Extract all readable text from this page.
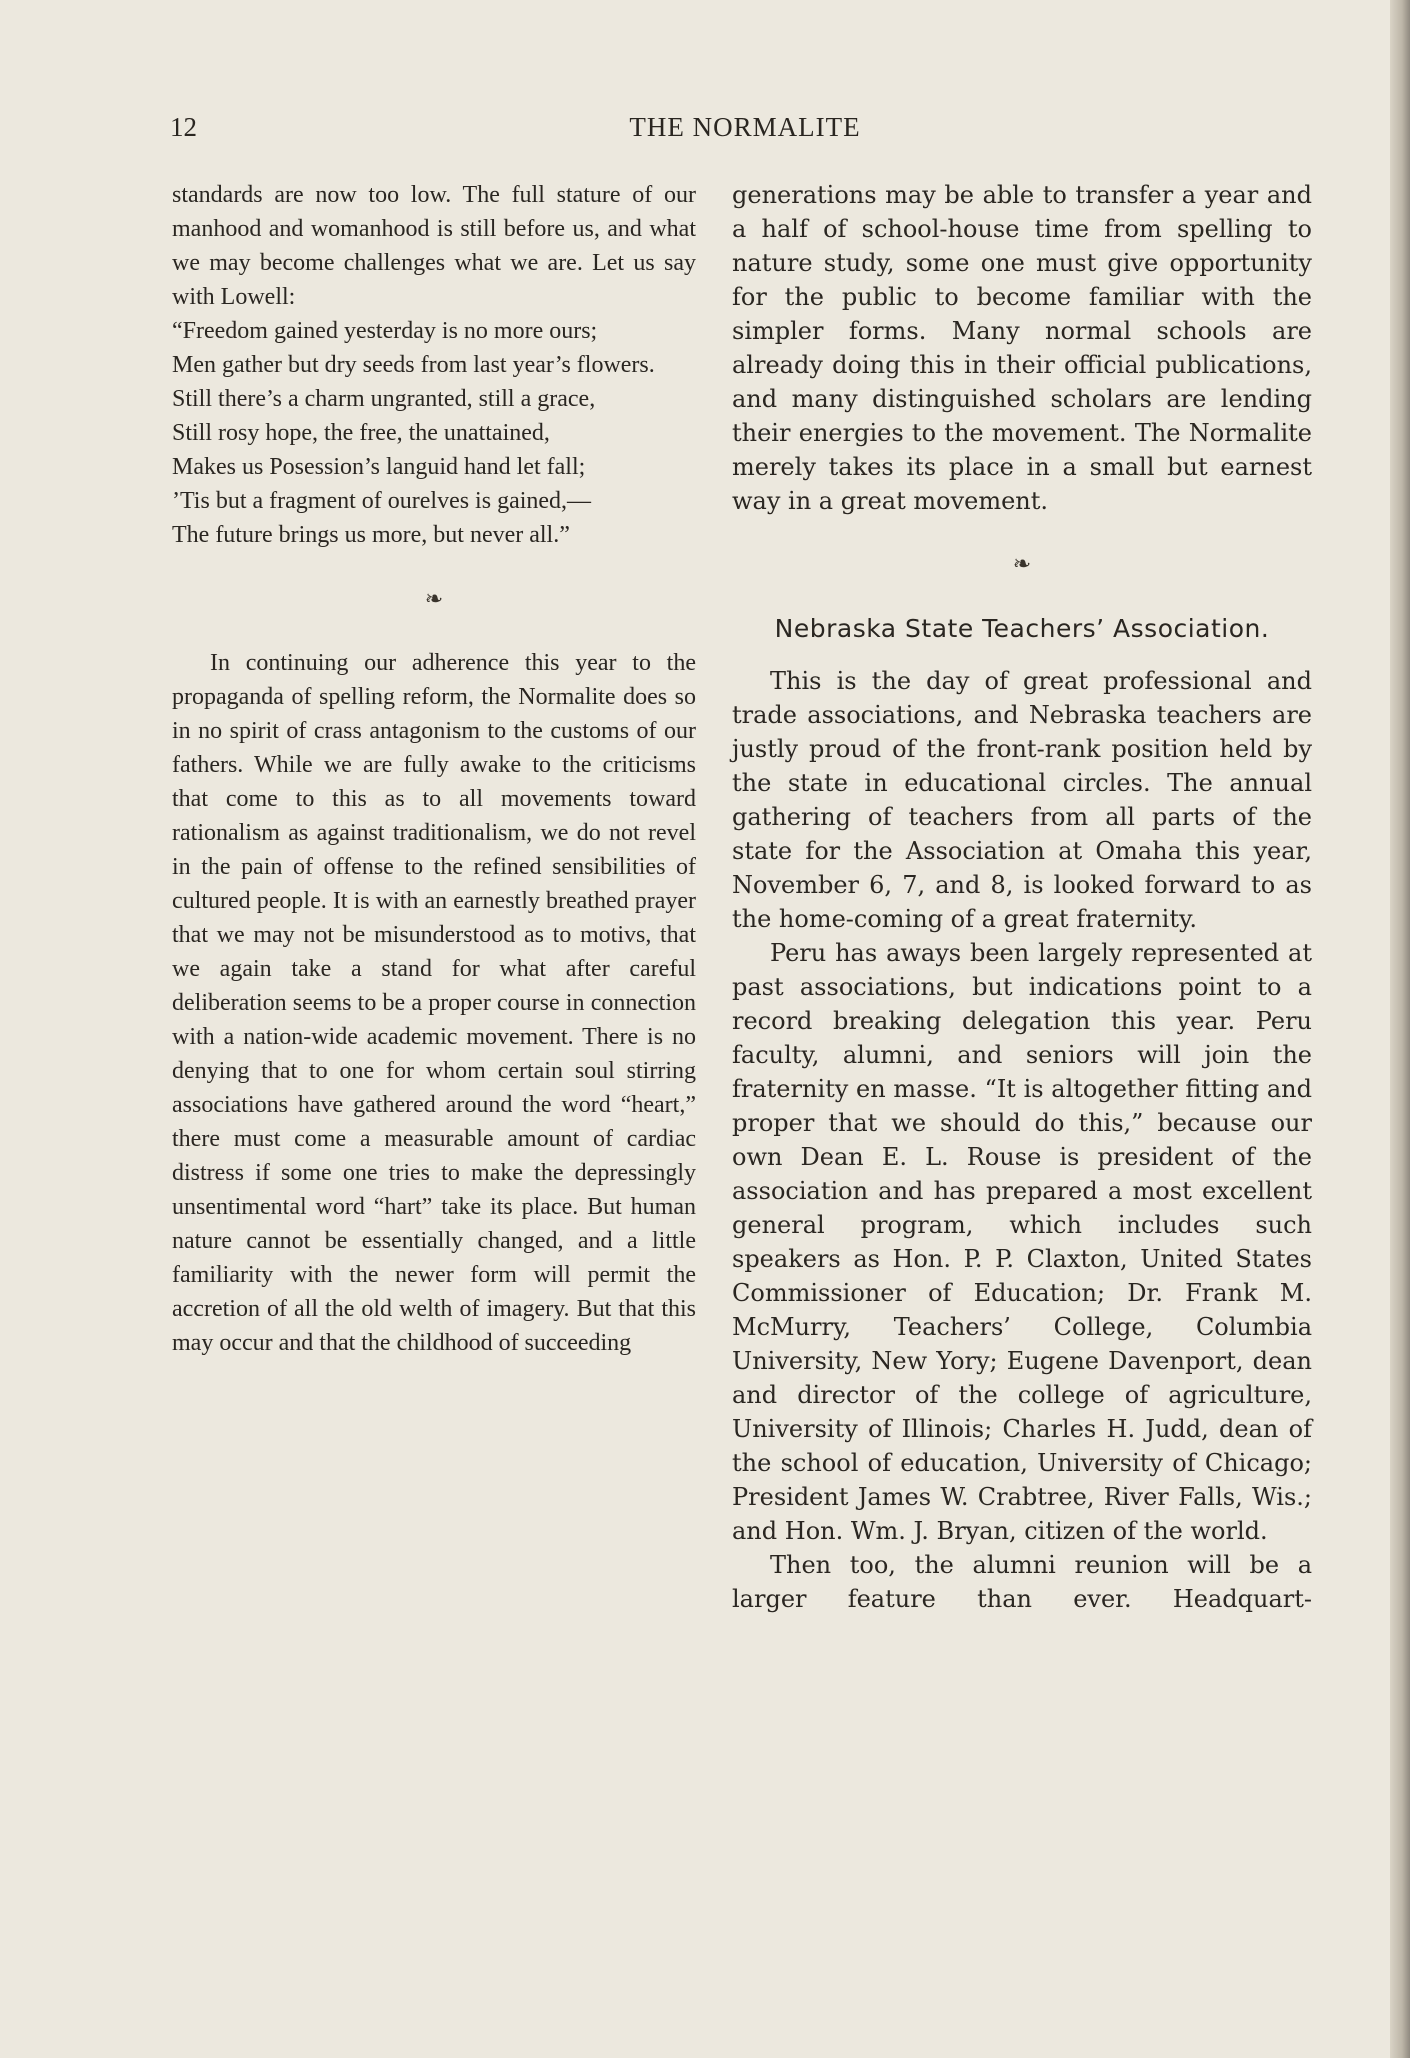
12	THE NORMALITE

standards are now too low. The full stature of our manhood and womanhood is still before us, and what we may become challenges what we are. Let us say with Lowell:

“Freedom gained yesterday is no more ours;

Men gather but dry seeds from last year’s flowers.

Still there’s a charm ungranted, still a grace,

Still rosy hope, the free, the unattained,

Makes us Posession’s languid hand let fall;

’Tis but a fragment of ourelves is gained,—

The future brings us more, but never all.”

❧

In continuing our adherence this year to the propaganda of spelling reform, the Normalite does so in no spirit of crass antagonism to the customs of our fathers. While we are fully awake to the criticisms that come to this as to all movements toward rationalism as against traditionalism, we do not revel in the pain of offense to the refined sensibilities of cultured people. It is with an earnestly breathed prayer that we may not be misunderstood as to motivs, that we again take a stand for what after careful deliberation seems to be a proper course in connection with a nation-wide academic movement. There is no denying that to one for whom certain soul stirring associations have gathered around the word “heart,” there must come a measurable amount of cardiac distress if some one tries to make the depressingly unsentimental word “hart” take its place. But human nature cannot be essentially changed, and a little familiarity with the newer form will permit the accretion of all the old welth of imagery. But that this may occur and that the childhood of succeeding

generations may be able to transfer a year and a half of school-house time from spelling to nature study, some one must give opportunity for the public to become familiar with the simpler forms. Many normal schools are already doing this in their official publications, and many distinguished scholars are lending their energies to the movement. The Normalite merely takes its place in a small but earnest way in a great movement.

❧
Nebraska State Teachers’ Association.

This is the day of great professional and trade associations, and Nebraska teachers are justly proud of the front-rank position held by the state in educational circles. The annual gathering of teachers from all parts of the state for the Association at Omaha this year, November 6, 7, and 8, is looked forward to as the home-coming of a great fraternity.

Peru has aways been largely represented at past associations, but indications point to a record breaking delegation this year. Peru faculty, alumni, and seniors will join the fraternity en masse. “It is altogether fitting and proper that we should do this,” because our own Dean E. L. Rouse is president of the association and has prepared a most excellent general program, which includes such speakers as Hon. P. P. Claxton, United States Commissioner of Education; Dr. Frank M. McMurry, Teachers’ College, Columbia University, New Yory; Eugene Davenport, dean and director of the college of agriculture, University of Illinois; Charles H. Judd, dean of the school of education, University of Chicago; President James W. Crabtree, River Falls, Wis.; and Hon. Wm. J. Bryan, citizen of the world.

Then too, the alumni reunion will be a larger feature than ever. Headquart-
